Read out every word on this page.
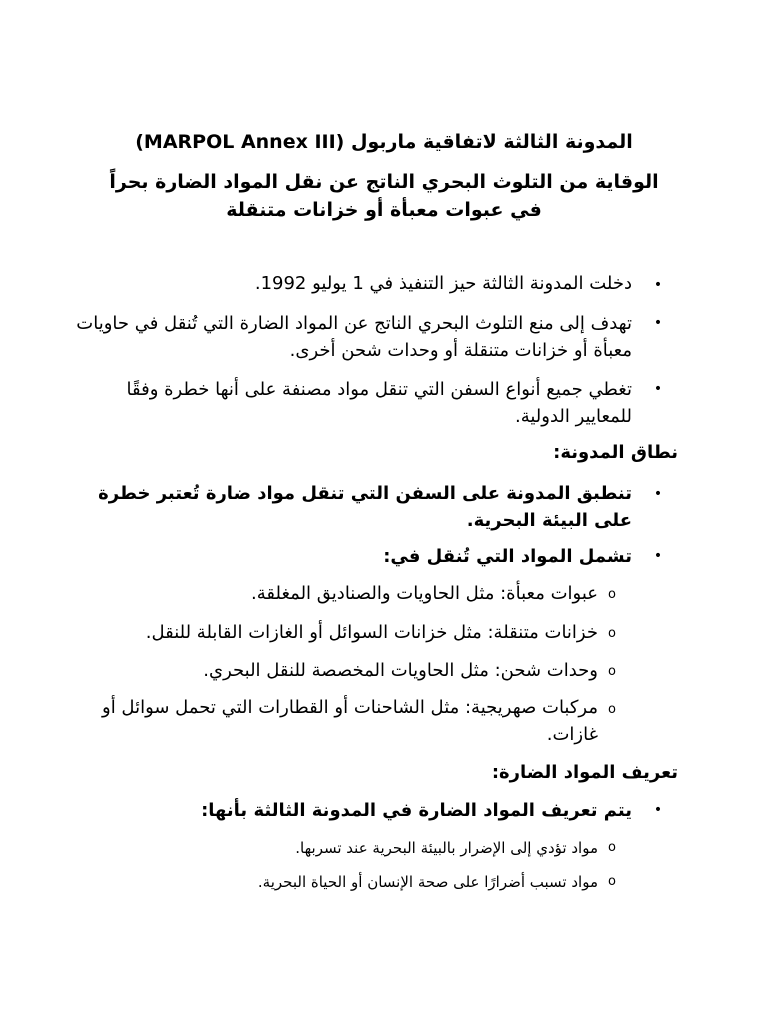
المدونة الثالثة لاتفاقية ماربول (MARPOL Annex III)

الوقاية من التلوث البحري الناتج عن نقل المواد الضارة بحراً

في عبوات معبأة أو خزانات متنقلة

•

دخلت المدونة الثالثة حيز التنفيذ في 1 يوليو 1992.

•

تهدف إلى منع التلوث البحري الناتج عن المواد الضارة التي تُنقل في حاويات معبأة أو خزانات متنقلة أو وحدات شحن أخرى.

•

تغطي جميع أنواع السفن التي تنقل مواد مصنفة على أنها خطرة وفقًا للمعايير الدولية.

نطاق المدونة:

•

تنطبق المدونة على السفن التي تنقل مواد ضارة تُعتبر خطرة على البيئة البحرية.

•

تشمل المواد التي تُنقل في:

o

عبوات معبأة: مثل الحاويات والصناديق المغلقة.

o

خزانات متنقلة: مثل خزانات السوائل أو الغازات القابلة للنقل.

o

وحدات شحن: مثل الحاويات المخصصة للنقل البحري.

o

مركبات صهريجية: مثل الشاحنات أو القطارات التي تحمل سوائل أو غازات.

تعريف المواد الضارة:

•

يتم تعريف المواد الضارة في المدونة الثالثة بأنها:

o

مواد تؤدي إلى الإضرار بالبيئة البحرية عند تسربها.

o

مواد تسبب أضرارًا على صحة الإنسان أو الحياة البحرية.
